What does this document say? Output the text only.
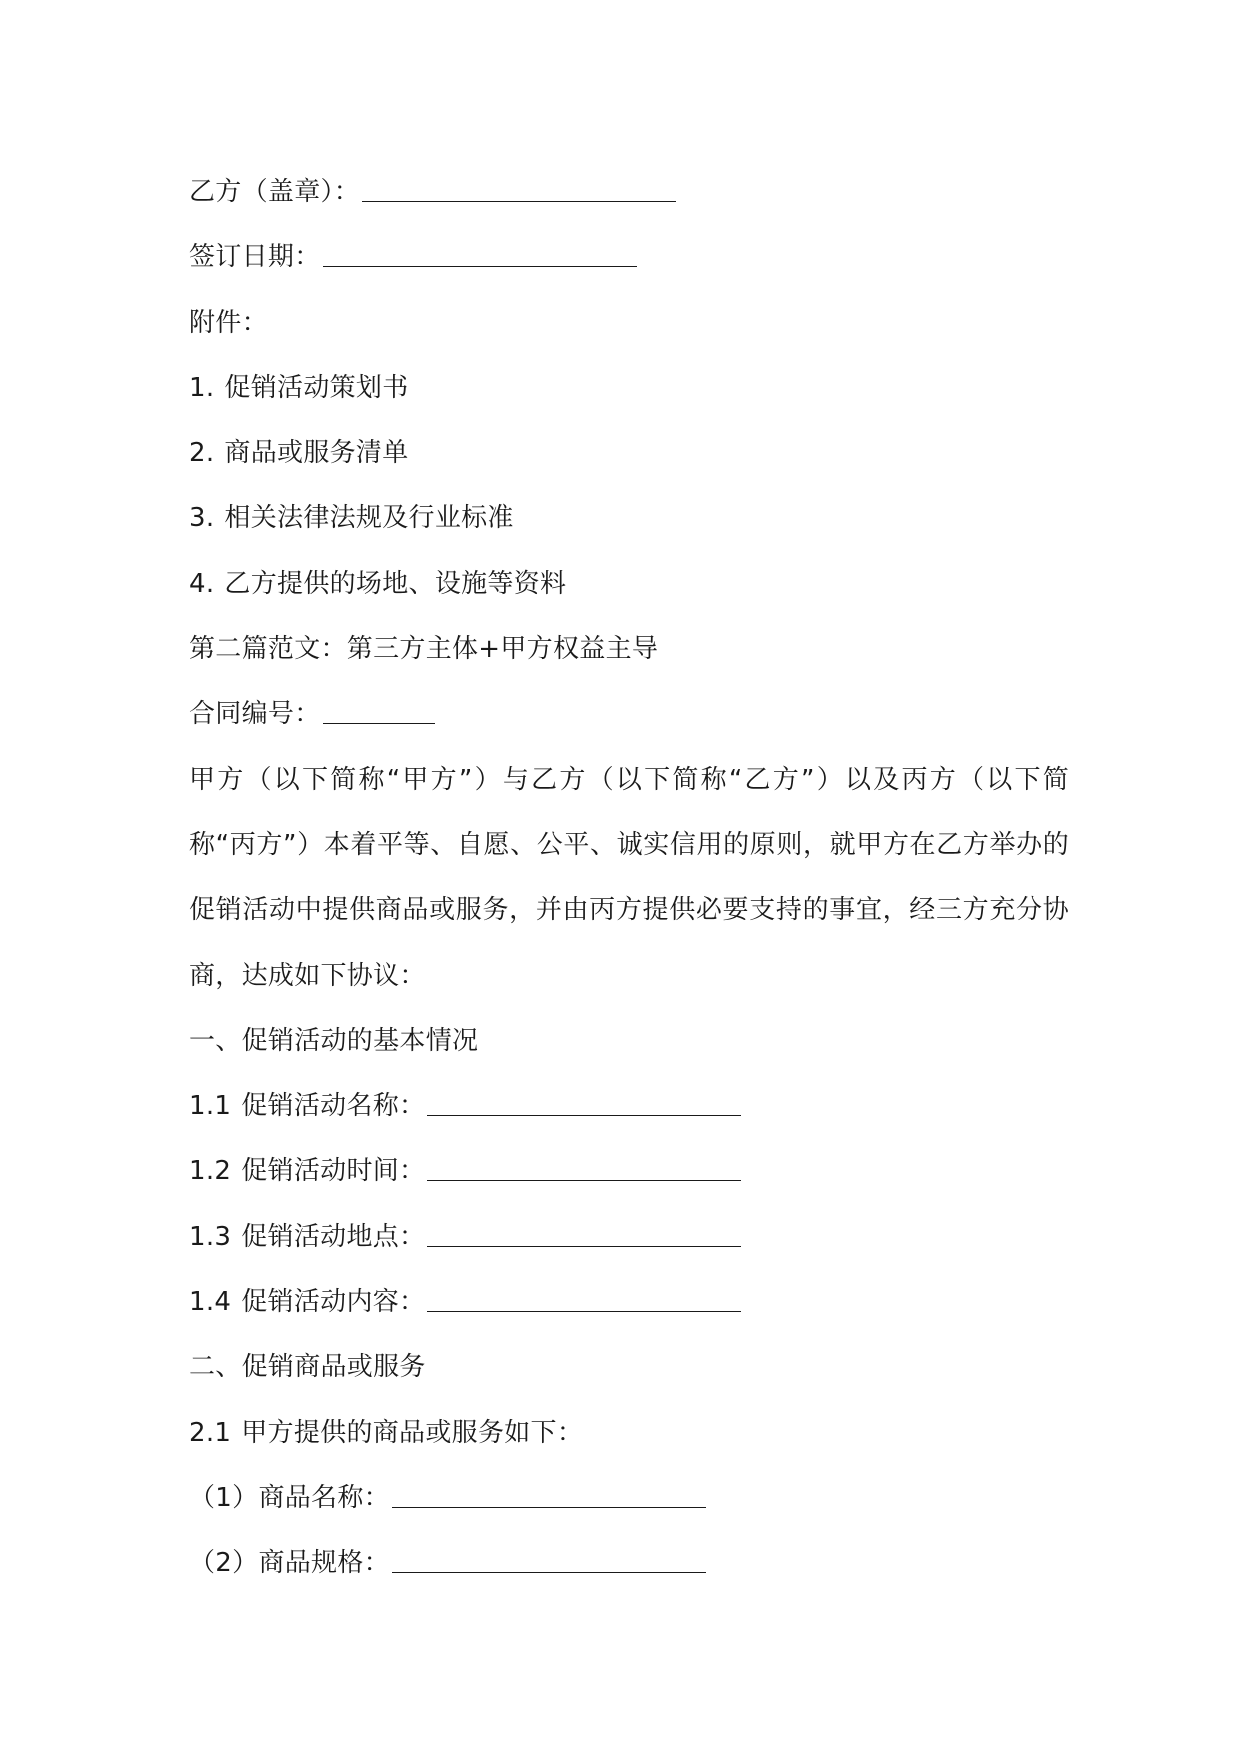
乙方（盖章）：
签订日期：
附件：
1. 促销活动策划书
2. 商品或服务清单
3. 相关法律法规及行业标准
4. 乙方提供的场地、设施等资料
第二篇范文：第三方主体+甲方权益主导
合同编号：
甲方（以下简称“甲方”）与乙方（以下简称“乙方”）以及丙方（以下简称“丙方”）本着平等、自愿、公平、诚实信用的原则，就甲方在乙方举办的促销活动中提供商品或服务，并由丙方提供必要支持的事宜，经三方充分协商，达成如下协议：
一、促销活动的基本情况
1.1 促销活动名称：
1.2 促销活动时间：
1.3 促销活动地点：
1.4 促销活动内容：
二、促销商品或服务
2.1 甲方提供的商品或服务如下：
（1）商品名称：
（2）商品规格：
